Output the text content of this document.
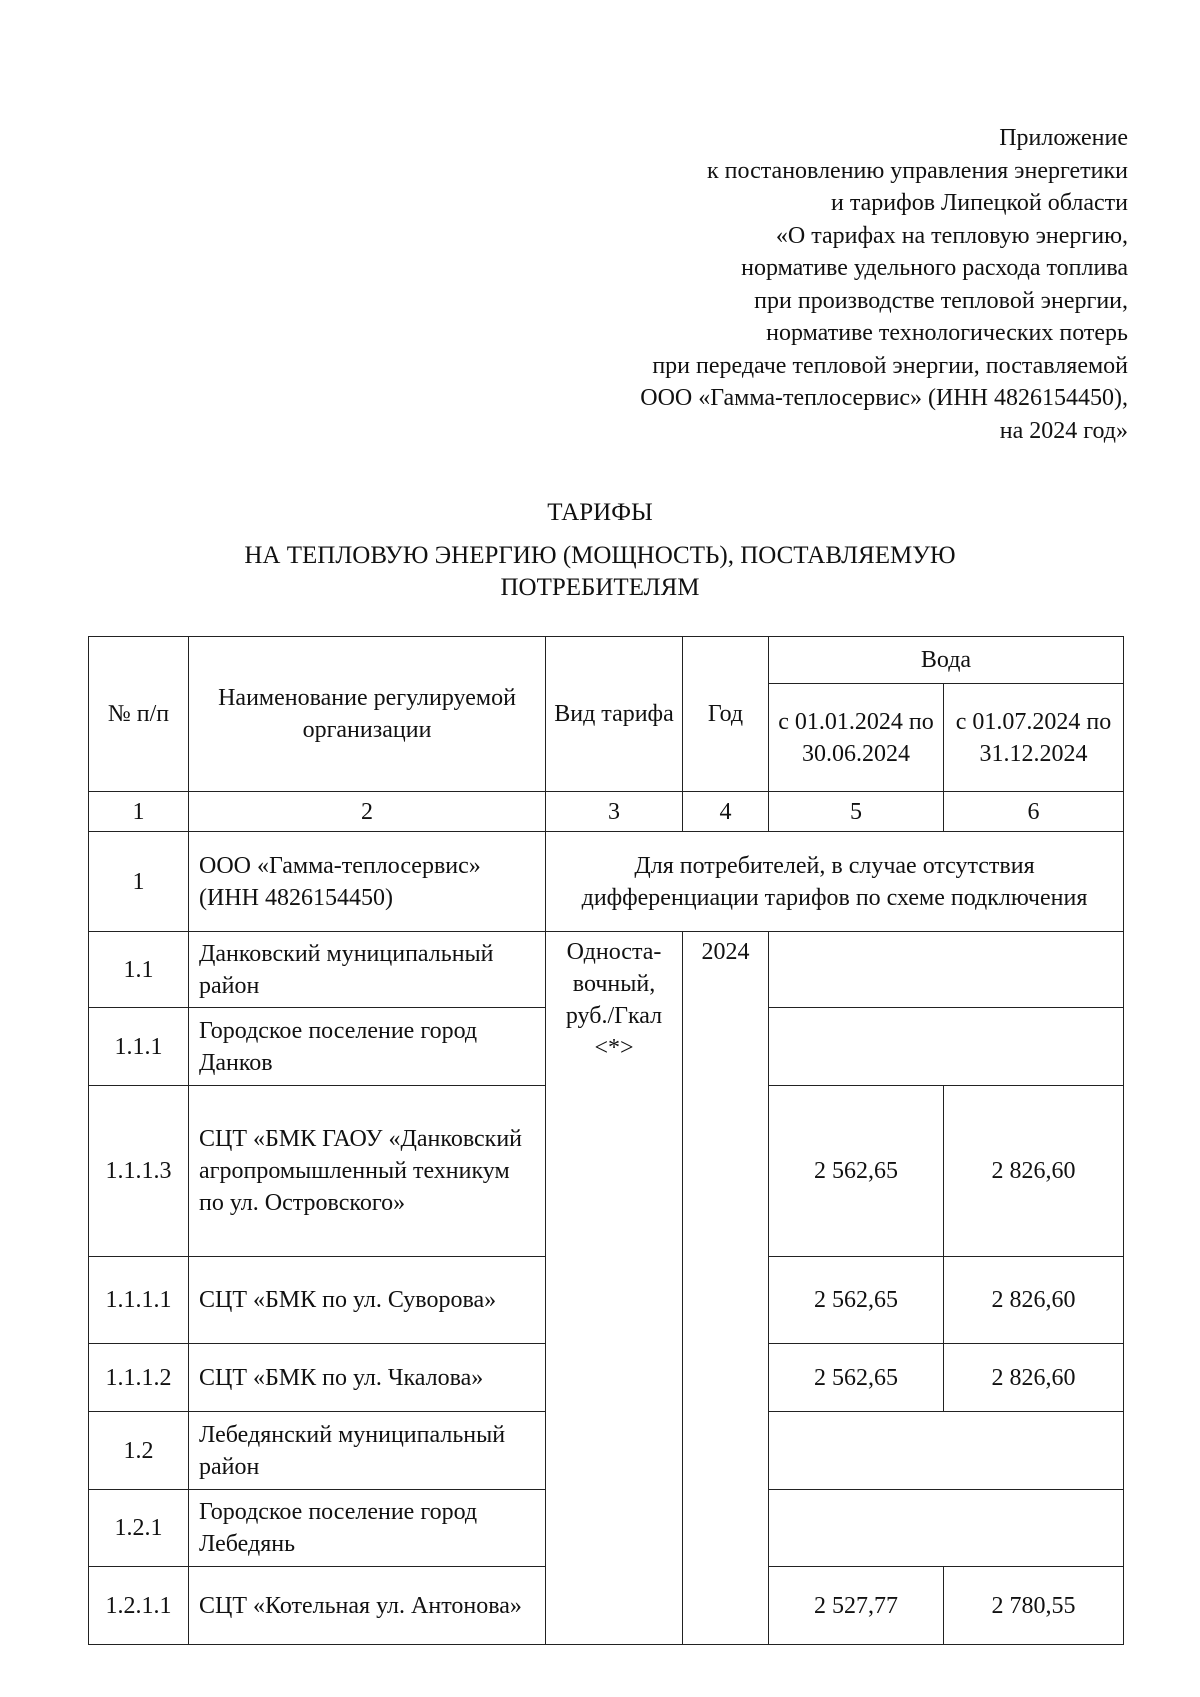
Приложение
к постановлению управления энергетики
и тарифов Липецкой области
«О тарифах на тепловую энергию,
нормативе удельного расхода топлива
при производстве тепловой энергии,
нормативе технологических потерь
при передаче тепловой энергии, поставляемой
ООО «Гамма-теплосервис» (ИНН 4826154450),
на 2024 год»
ТАРИФЫ
НА ТЕПЛОВУЮ ЭНЕРГИЮ (МОЩНОСТЬ), ПОСТАВЛЯЕМУЮ
ПОТРЕБИТЕЛЯМ
№ п/п	Наименование регулируемой организации	Вид тарифа	Год	Вода	
				с 01.01.2024 по 30.06.2024	с 01.07.2024 по 31.12.2024
1	2	3	4	5	6
1	ООО «Гамма-теплосервис» (ИНН 4826154450)	Для потребителей, в случае отсутствия дифференциации тарифов по схеме подключения			
1.1	Данковский муниципальный район	Односта-вочный, руб./Гкал <*>	2024		
1.1.1	Городское поселение город Данков				
1.1.1.3	СЦТ «БМК ГАОУ «Данковский агропромышленный техникум по ул. Островского»			2 562,65	2 826,60
1.1.1.1	СЦТ «БМК по ул. Суворова»			2 562,65	2 826,60
1.1.1.2	СЦТ «БМК по ул. Чкалова»			2 562,65	2 826,60
1.2	Лебедянский муниципальный район				
1.2.1	Городское поселение город Лебедянь				
1.2.1.1	СЦТ «Котельная ул. Антонова»			2 527,77	2 780,55
